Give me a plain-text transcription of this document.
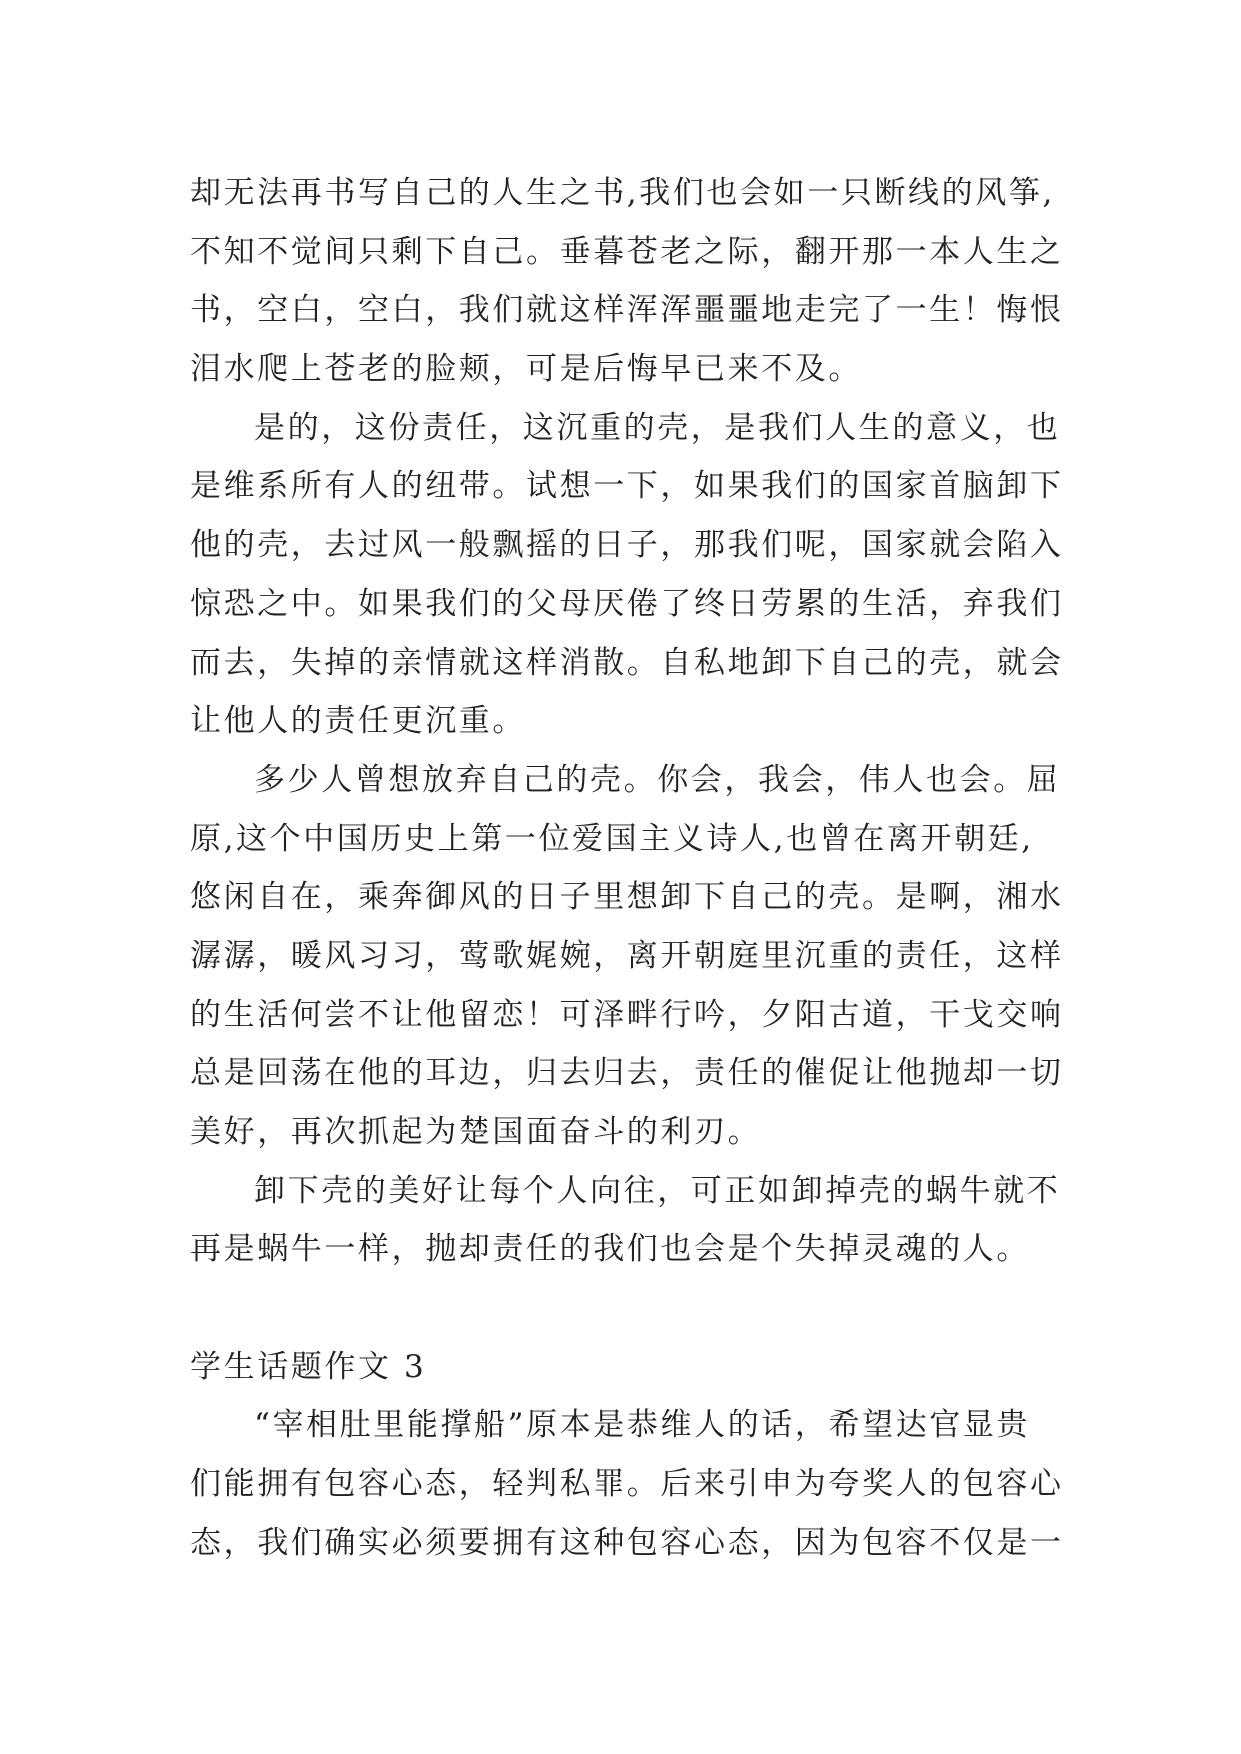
却无法再书写自己的人生之书,我们也会如一只断线的风筝,
不知不觉间只剩下自己。垂暮苍老之际，翻开那一本人生之
书，空白，空白，我们就这样浑浑噩噩地走完了一生！悔恨
泪水爬上苍老的脸颊，可是后悔早已来不及。
是的，这份责任，这沉重的壳，是我们人生的意义，也
是维系所有人的纽带。试想一下，如果我们的国家首脑卸下
他的壳，去过风一般飘摇的日子，那我们呢，国家就会陷入
惊恐之中。如果我们的父母厌倦了终日劳累的生活，弃我们
而去，失掉的亲情就这样消散。自私地卸下自己的壳，就会
让他人的责任更沉重。
多少人曾想放弃自己的壳。你会，我会，伟人也会。屈
原,这个中国历史上第一位爱国主义诗人,也曾在离开朝廷,
悠闲自在，乘奔御风的日子里想卸下自己的壳。是啊，湘水
潺潺，暖风习习，莺歌娓婉，离开朝庭里沉重的责任，这样
的生活何尝不让他留恋！可泽畔行吟，夕阳古道，干戈交响
总是回荡在他的耳边，归去归去，责任的催促让他抛却一切
美好，再次抓起为楚国面奋斗的利刃。
卸下壳的美好让每个人向往，可正如卸掉壳的蜗牛就不
再是蜗牛一样，抛却责任的我们也会是个失掉灵魂的人。
学生话题作文 3
“宰相肚里能撑船”原本是恭维人的话，希望达官显贵
们能拥有包容心态，轻判私罪。后来引申为夸奖人的包容心
态，我们确实必须要拥有这种包容心态，因为包容不仅是一
